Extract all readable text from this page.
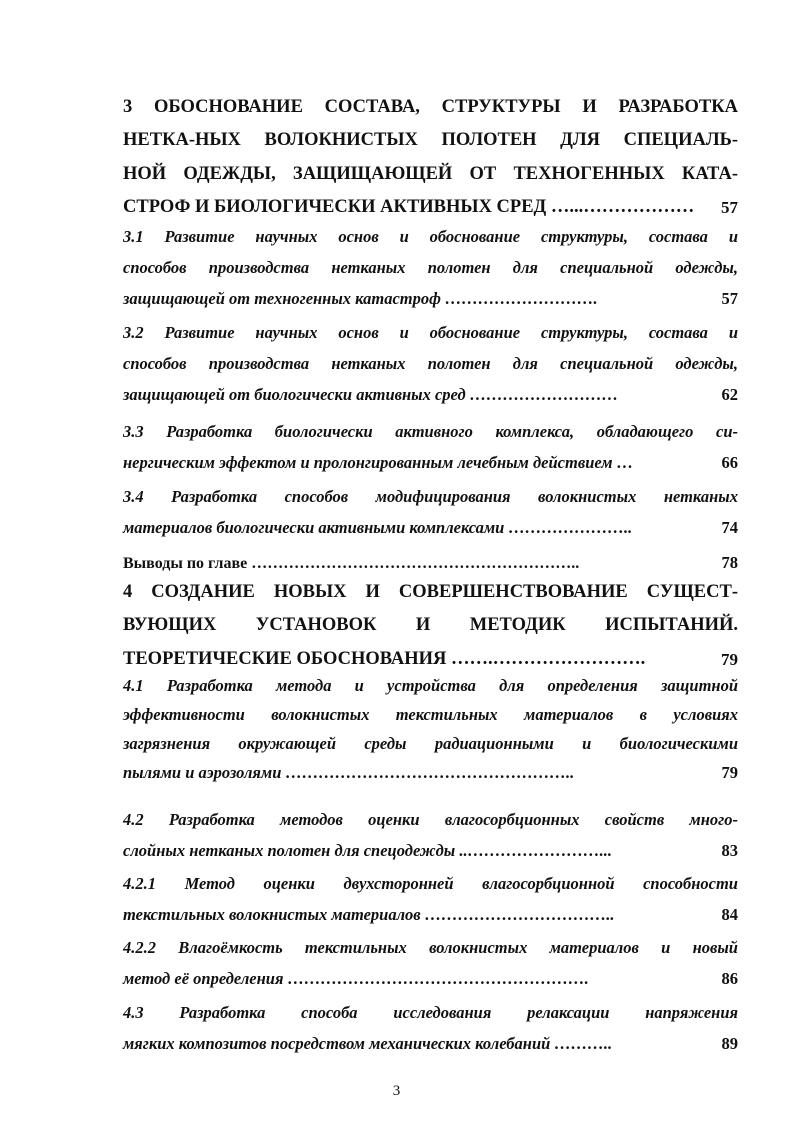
3 ОБОСНОВАНИЕ СОСТАВА, СТРУКТУРЫ И РАЗРАБОТКА
НЕТКА-НЫХ ВОЛОКНИСТЫХ ПОЛОТЕН ДЛЯ СПЕЦИАЛЬ-
НОЙ ОДЕЖДЫ, ЗАЩИЩАЮЩЕЙ ОТ ТЕХНОГЕННЫХ КАТА-
СТРОФ И БИОЛОГИЧЕСКИ АКТИВНЫХ СРЕД …...……………… 57
3.1 Развитие научных основ и обоснование структуры, состава и
способов производства нетканых полотен для специальной одежды,
защищающей от техногенных катастроф ……………………….	57
3.2 Развитие научных основ и обоснование структуры, состава и
способов производства нетканых полотен для специальной одежды,
защищающей от биологически активных сред ………………………	62
3.3 Разработка биологически активного комплекса, обладающего си-
нергическим эффектом и пролонгированным лечебным действием …	66
3.4 Разработка способов модифицирования волокнистых нетканых
материалов биологически активными комплексами …………………..	74
Выводы по главе ……………………………………………………..	78
4 СОЗДАНИЕ НОВЫХ И СОВЕРШЕНСТВОВАНИЕ СУЩЕСТ-
ВУЮЩИХ УСТАНОВОК И МЕТОДИК ИСПЫТАНИЙ.
ТЕОРЕТИЧЕСКИЕ ОБОСНОВАНИЯ …….…………………….	79
4.1 Разработка метода и устройства для определения защитной
эффективности волокнистых текстильных материалов в условиях
загрязнения окружающей среды радиационными и биологическими
пылями и аэрозолями ……………………………………………..	79
4.2 Разработка методов оценки влагосорбционных свойств много-
слойных нетканых полотен для спецодежды ..……………………...	83
4.2.1 Метод оценки двухсторонней влагосорбционной способности
текстильных волокнистых материалов ……………………………..	84
4.2.2 Влагоёмкость текстильных волокнистых материалов и новый
метод её определения ……………………………………………….	86
4.3 Разработка способа исследования релаксации напряжения
мягких композитов посредством механических колебаний ………..	89
3
